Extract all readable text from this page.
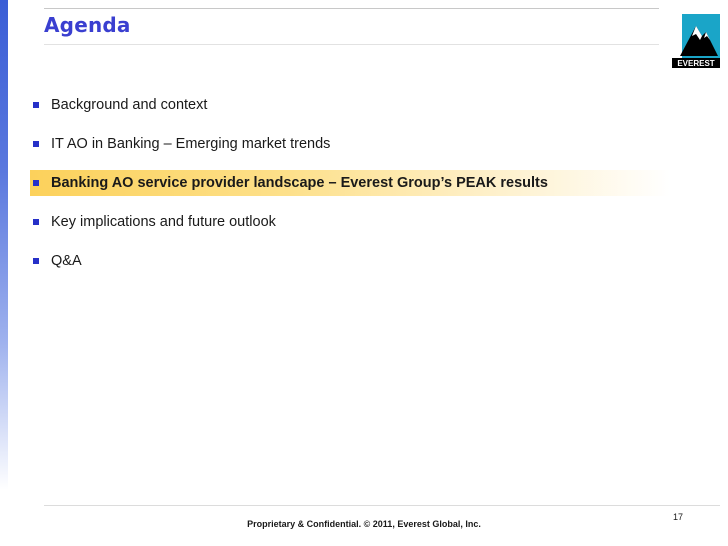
Agenda
EVEREST
Background and context
IT AO in Banking – Emerging market trends
Banking AO service provider landscape – Everest Group’s PEAK results
Key implications and future outlook
Q&A
17
Proprietary & Confidential. © 2011, Everest Global, Inc.
